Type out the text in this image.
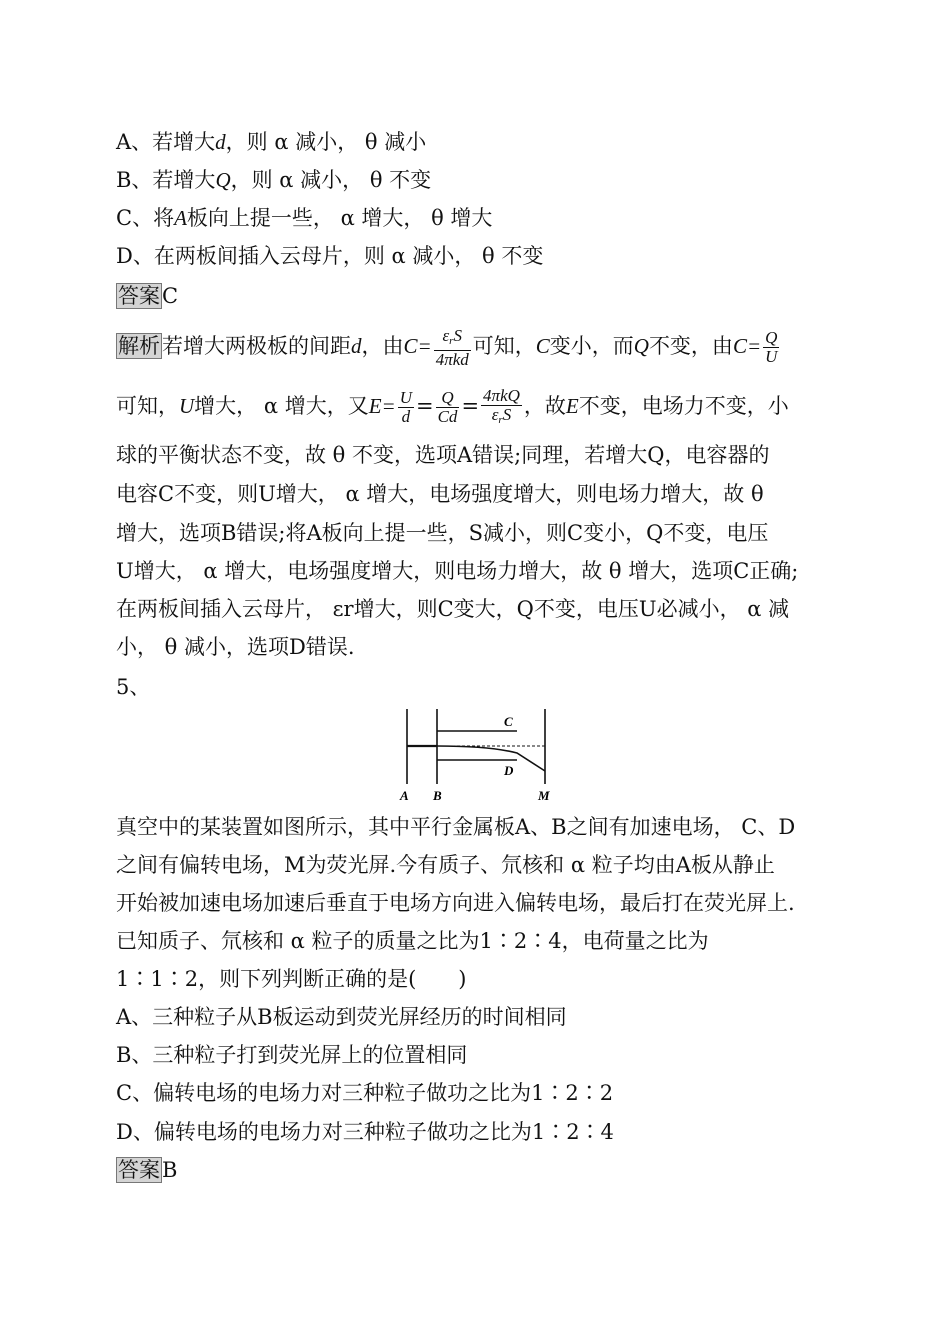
A、若增大d，则 α 减小， θ 减小
B、若增大Q，则 α 减小， θ 不变
C、将A板向上提一些， α 增大， θ 增大
D、在两板间插入云母片，则 α 减小， θ 不变
答案C
解析若增大两极板的间距d，由$C= \frac{\varepsilon_rS}{\text{4πkd}}$ 可知，C变小，而Q不变，由$C= \frac{Q}{U}$
可知，U增大， α 增大，又$E= \frac{U}{d} = \frac{Q}{Cd} = \frac{\text{4πkQ}}{\varepsilon_rS}$ ，故E不变，电场力不变，小
球的平衡状态不变，故 θ 不变，选项A错误;同理，若增大Q，电容器的
电容C不变，则U增大， α 增大，电场强度增大，则电场力增大，故 θ
增大，选项B错误;将A板向上提一些，S减小，则C变小，Q不变，电压
U增大， α 增大，电场强度增大，则电场力增大，故 θ 增大，选项C正确;
在两板间插入云母片， εr增大，则C变大，Q不变，电压U必减小， α 减
小， θ 减小，选项D错误.
5、
C
D
A B	M
真空中的某装置如图所示，其中平行金属板A、B之间有加速电场， C、D
之间有偏转电场，M为荧光屏.今有质子、氘核和 α 粒子均由A板从静止
开始被加速电场加速后垂直于电场方向进入偏转电场，最后打在荧光屏上.
已知质子、氘核和 α 粒子的质量之比为1∶2∶4，电荷量之比为
1∶1∶2，则下列判断正确的是(　　)
A、三种粒子从B板运动到荧光屏经历的时间相同
B、三种粒子打到荧光屏上的位置相同
C、偏转电场的电场力对三种粒子做功之比为1∶2∶2
D、偏转电场的电场力对三种粒子做功之比为1∶2∶4
答案B
